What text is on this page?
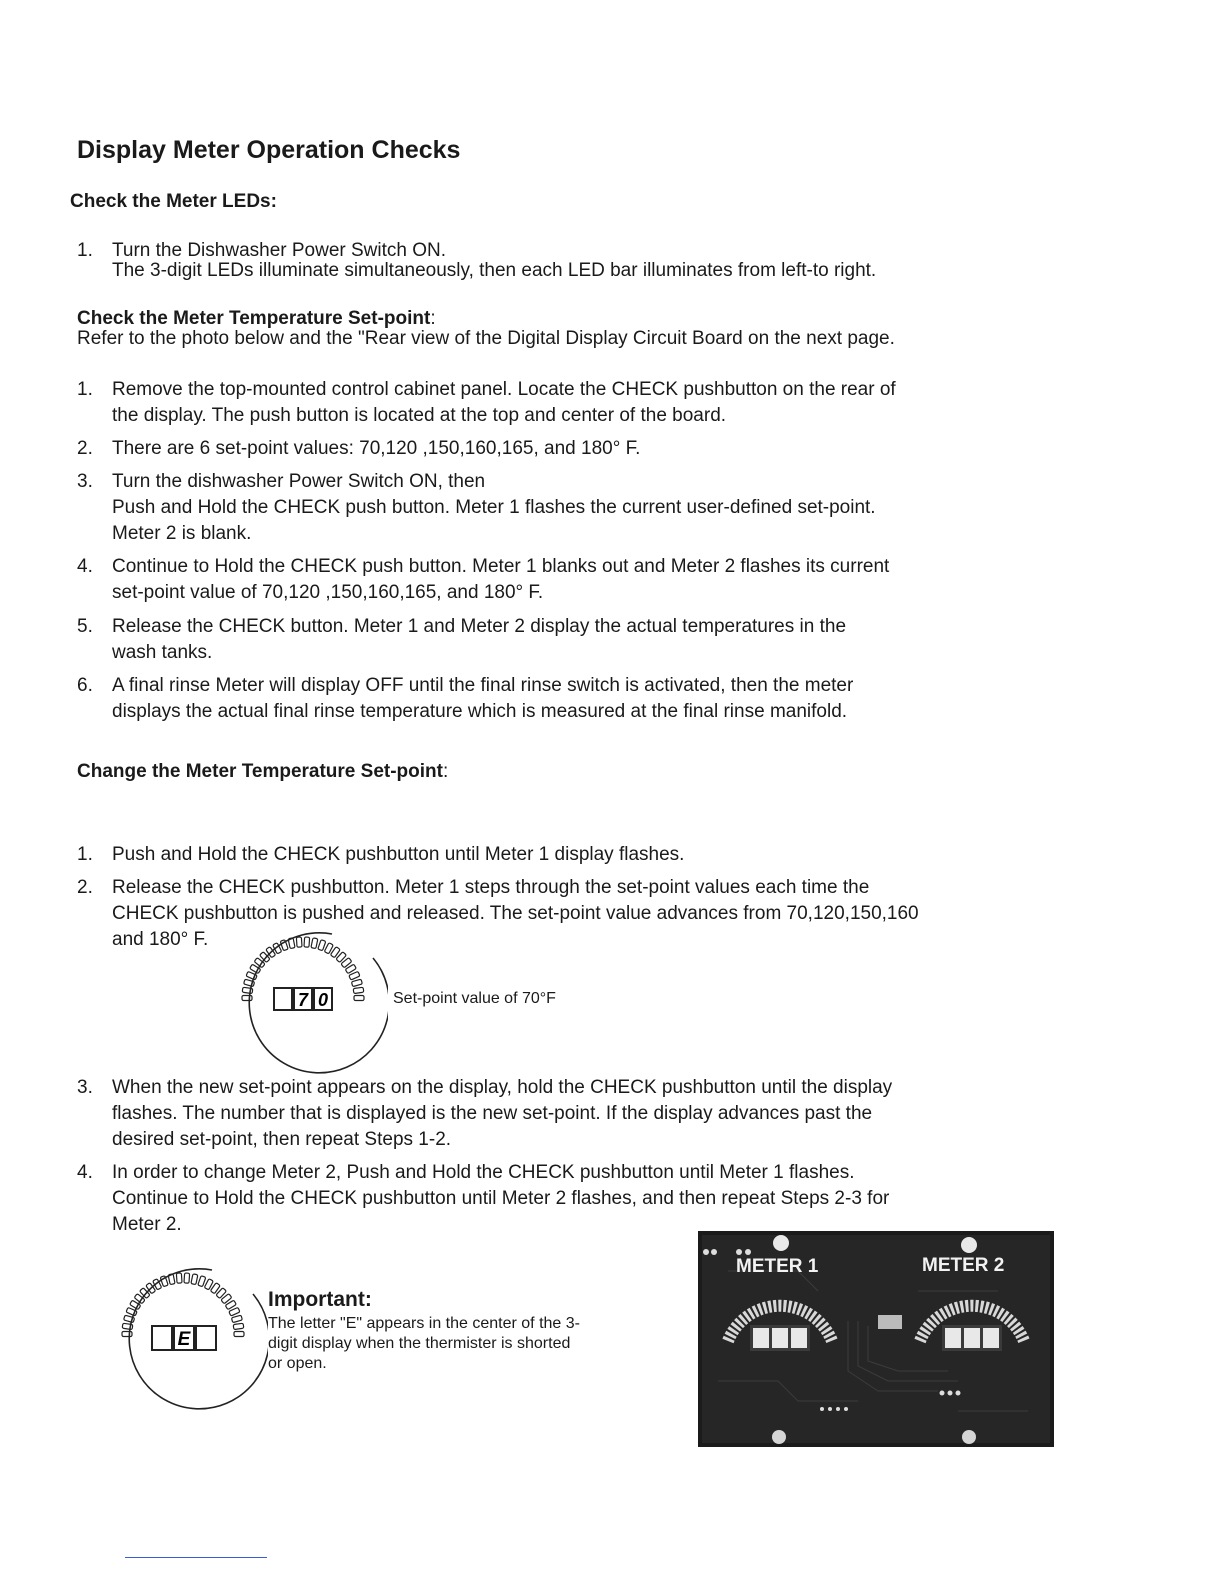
Display Meter Operation Checks
Check the Meter LEDs:
1. Turn the Dishwasher Power Switch ON.
The 3-digit LEDs illuminate simultaneously, then each LED bar illuminates from left-to right.
Check the Meter Temperature Set-point:
Refer to the photo below and the "Rear view of the Digital Display Circuit Board on the next page.
1. Remove the top-mounted control cabinet panel. Locate the CHECK pushbutton on the rear of
the display. The push button is located at the top and center of the board.
2. There are 6 set-point values: 70,120 ,150,160,165, and 180° F.
3. Turn the dishwasher Power Switch ON, then
Push and Hold the CHECK push button. Meter 1 flashes the current user-defined set-point.
Meter 2 is blank.
4. Continue to Hold the CHECK push button. Meter 1 blanks out and Meter 2 flashes its current
set-point value of 70,120 ,150,160,165, and 180° F.
5. Release the CHECK button. Meter 1 and Meter 2 display the actual temperatures in the
wash tanks.
6. A final rinse Meter will display OFF until the final rinse switch is activated, then the meter
displays the actual final rinse temperature which is measured at the final rinse manifold.
Change the Meter Temperature Set-point:
1. Push and Hold the CHECK pushbutton until Meter 1 display flashes.
2. Release the CHECK pushbutton. Meter 1 steps through the set-point values each time the
CHECK pushbutton is pushed and released. The set-point value advances from 70,120,150,160
and 180° F.
7 0	Set-point value of 70°F
3. When the new set-point appears on the display, hold the CHECK pushbutton until the display
flashes. The number that is displayed is the new set-point. If the display advances past the
desired set-point, then repeat Steps 1-2.
4. In order to change Meter 2, Push and Hold the CHECK pushbutton until Meter 1 flashes.
Continue to Hold the CHECK pushbutton until Meter 2 flashes, and then repeat Steps 2-3 for
Meter 2.
E
Important:
The letter "E" appears in the center of the 3-digit display when the thermister is shorted or open.
METER 1	METER 2
